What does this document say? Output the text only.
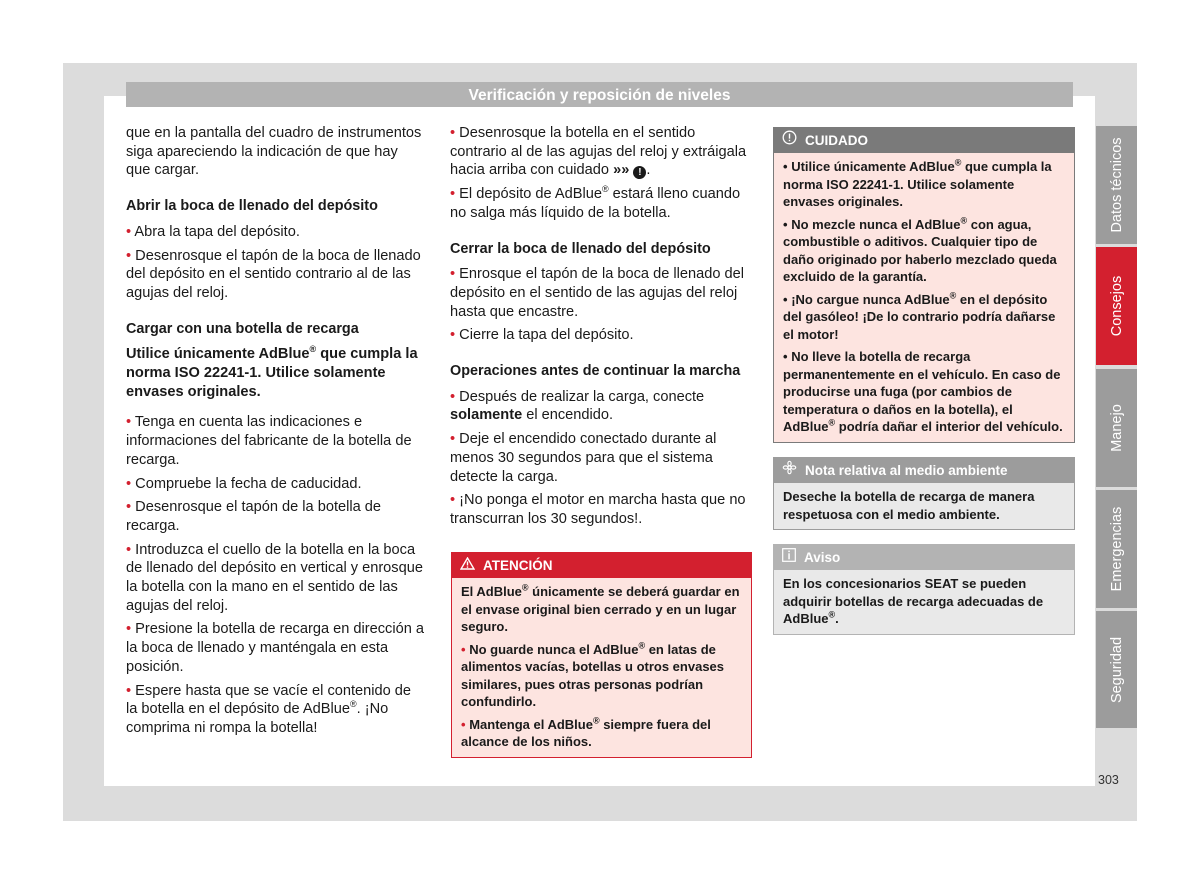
Verificación y reposición de niveles

que en la pantalla del cuadro de instrumentos siga apareciendo la indicación de que hay que cargar.

Abrir la boca de llenado del depósito

• Abra la tapa del depósito.

• Desenrosque el tapón de la boca de llenado del depósito en el sentido contrario al de las agujas del reloj.

Cargar con una botella de recarga

Utilice únicamente AdBlue® que cumpla la norma ISO 22241-1. Utilice solamente envases originales.

• Tenga en cuenta las indicaciones e informaciones del fabricante de la botella de recarga.

• Compruebe la fecha de caducidad.

• Desenrosque el tapón de la botella de recarga.

• Introduzca el cuello de la botella en la boca de llenado del depósito en vertical y enrosque la botella con la mano en el sentido de las agujas del reloj.

• Presione la botella de recarga en dirección a la boca de llenado y manténgala en esta posición.

• Espere hasta que se vacíe el contenido de la botella en el depósito de AdBlue®. ¡No comprima ni rompa la botella!

• Desenrosque la botella en el sentido contrario al de las agujas del reloj y extráigala hacia arriba con cuidado »» ! .

• El depósito de AdBlue® estará lleno cuando no salga más líquido de la botella.

Cerrar la boca de llenado del depósito

• Enrosque el tapón de la boca de llenado del depósito en el sentido de las agujas del reloj hasta que encastre.

• Cierre la tapa del depósito.

Operaciones antes de continuar la marcha

• Después de realizar la carga, conecte solamente el encendido.

• Deje el encendido conectado durante al menos 30 segundos para que el sistema detecte la carga.

• ¡No ponga el motor en marcha hasta que no transcurran los 30 segundos!.

ATENCIÓN

El AdBlue® únicamente se deberá guardar en el envase original bien cerrado y en un lugar seguro.

• No guarde nunca el AdBlue® en latas de alimentos vacías, botellas u otros envases similares, pues otras personas podrían confundirlo.

• Mantenga el AdBlue® siempre fuera del alcance de los niños.

CUIDADO

• Utilice únicamente AdBlue® que cumpla la norma ISO 22241-1. Utilice solamente envases originales.

• No mezcle nunca el AdBlue® con agua, combustible o aditivos. Cualquier tipo de daño originado por haberlo mezclado queda excluido de la garantía.

• ¡No cargue nunca AdBlue® en el depósito del gasóleo! ¡De lo contrario podría dañarse el motor!

• No lleve la botella de recarga permanentemente en el vehículo. En caso de producirse una fuga (por cambios de temperatura o daños en la botella), el AdBlue® podría dañar el interior del vehículo.

Nota relativa al medio ambiente

Deseche la botella de recarga de manera respetuosa con el medio ambiente.

Aviso

En los concesionarios SEAT se pueden adquirir botellas de recarga adecuadas de AdBlue®.

Datos técnicos
Consejos
Manejo
Emergencias
Seguridad
303
